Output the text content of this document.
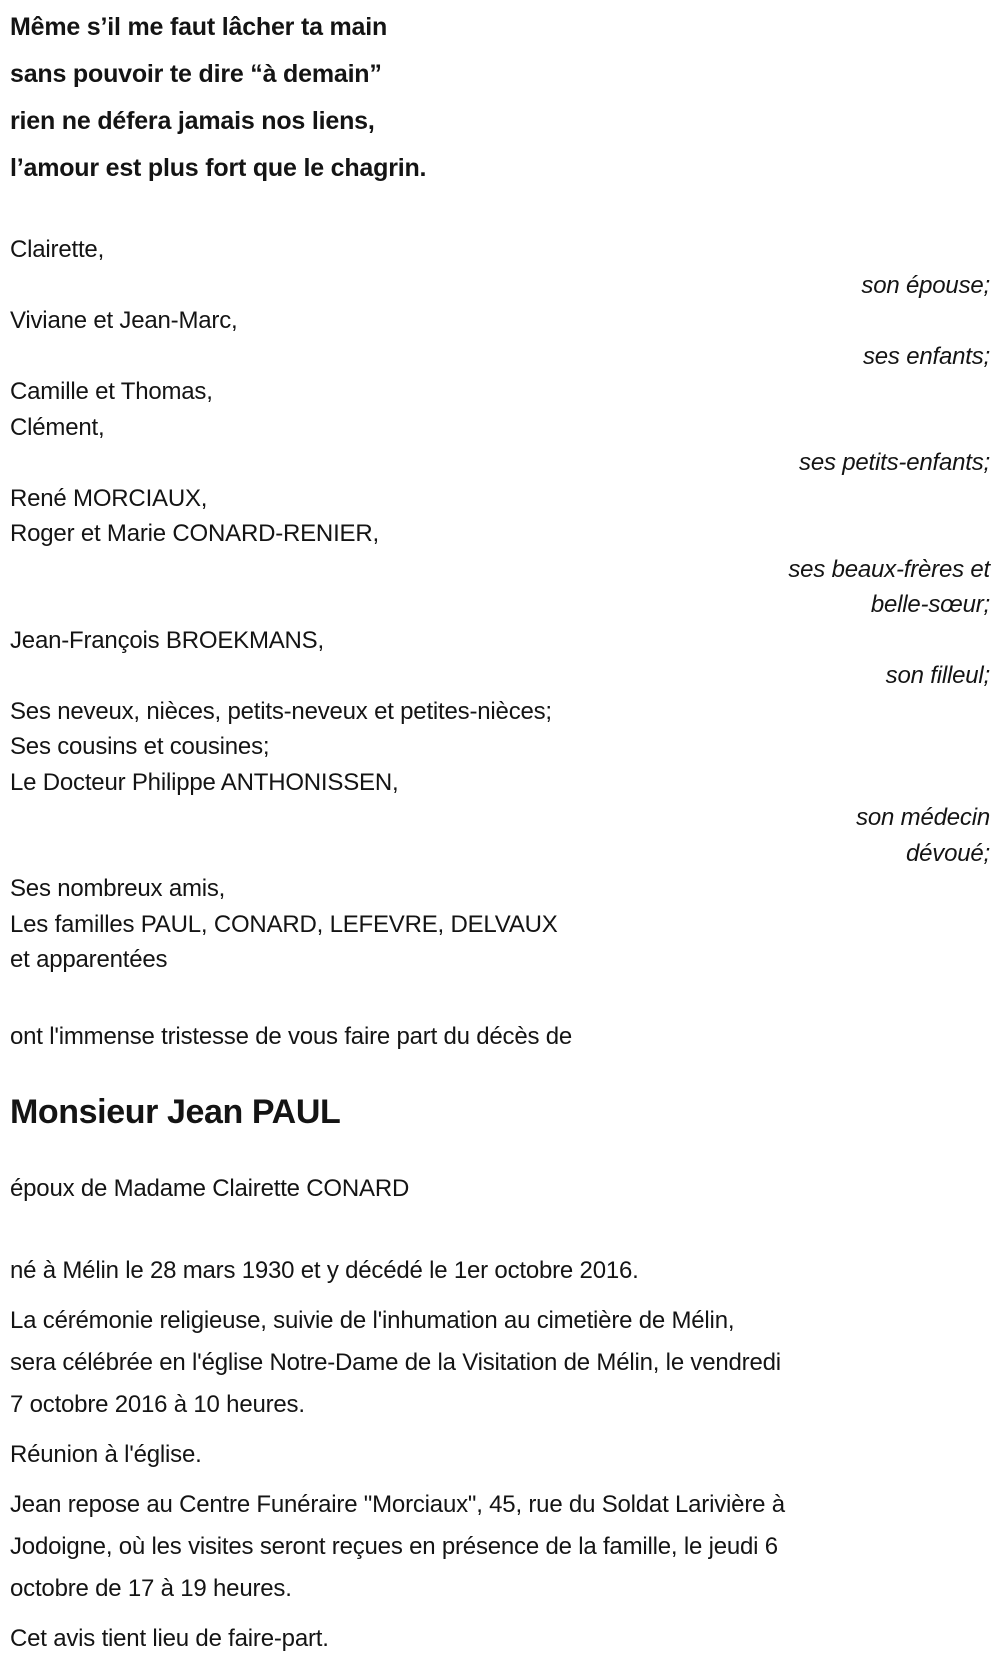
Même s’il me faut lâcher ta main
sans pouvoir te dire “à demain”
rien ne défera jamais nos liens,
l’amour est plus fort que le chagrin.
Clairette,
son épouse;
Viviane et Jean-Marc,
ses enfants;
Camille et Thomas,
Clément,
ses petits-enfants;
René MORCIAUX,
Roger et Marie CONARD-RENIER,
ses beaux-frères et
belle-sœur;
Jean-François BROEKMANS,
son filleul;
Ses neveux, nièces, petits-neveux et petites-nièces;
Ses cousins et cousines;
Le Docteur Philippe ANTHONISSEN,
son médecin
dévoué;
Ses nombreux amis,
Les familles PAUL, CONARD, LEFEVRE, DELVAUX
et apparentées

ont l'immense tristesse de vous faire part du décès de

Monsieur Jean PAUL

époux de Madame Clairette CONARD

né à Mélin le 28 mars 1930 et y décédé le 1er octobre 2016.

La cérémonie religieuse, suivie de l'inhumation au cimetière de Mélin,
sera célébrée en l'église Notre-Dame de la Visitation de Mélin, le vendredi
7 octobre 2016 à 10 heures.

Réunion à l'église.

Jean repose au Centre Funéraire "Morciaux", 45, rue du Soldat Larivière à
Jodoigne, où les visites seront reçues en présence de la famille, le jeudi 6
octobre de 17 à 19 heures.

Cet avis tient lieu de faire-part.
